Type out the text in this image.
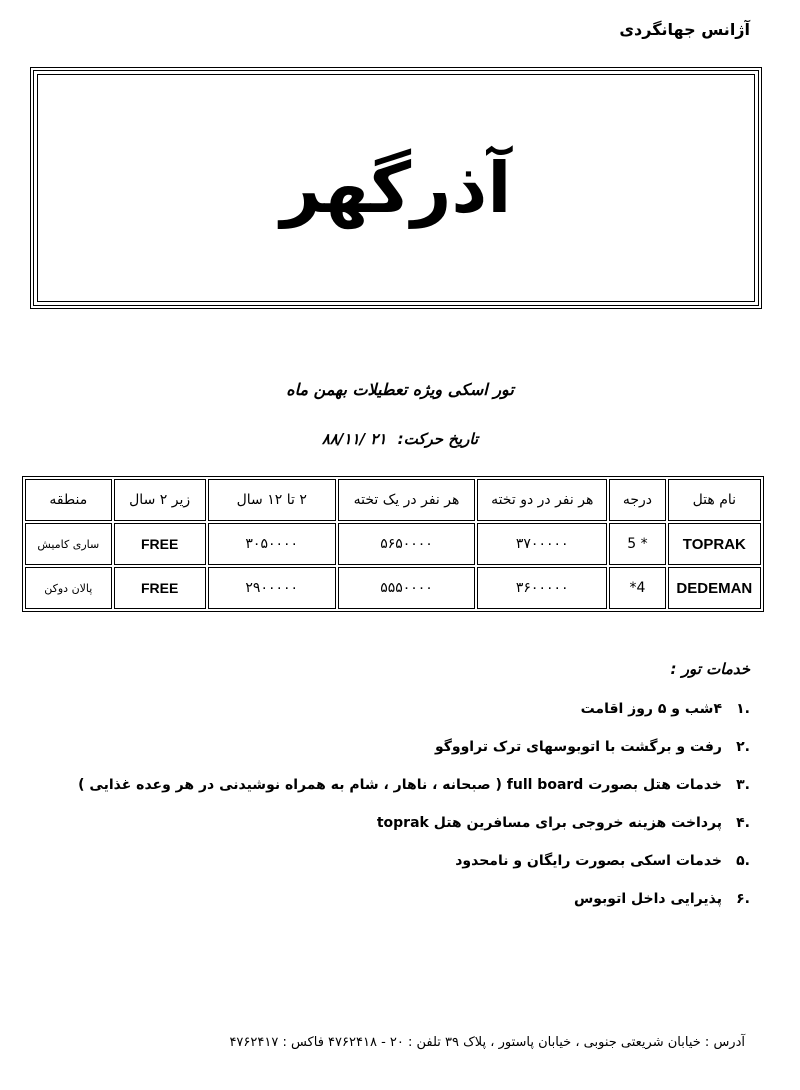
آژانس جهانگردی
آذرگهر
تور اسکی ویژه تعطیلات بهمن ماه
تاریخ حرکت: ۸۸/۱۱/ ۲۱
نام هتل	درجه	هر نفر در دو تخته	هر نفر در یک تخته	۲ تا ۱۲ سال	زیر ۲ سال	منطقه
TOPRAK	* 5	۳۷۰۰۰۰۰	۵۶۵۰۰۰۰	۳۰۵۰۰۰۰	FREE	ساری کامیش
DEDEMAN	4*	۳۶۰۰۰۰۰	۵۵۵۰۰۰۰	۲۹۰۰۰۰۰	FREE	پالان دوکن
خدمات تور :
.۱
۴شب و ۵ روز اقامت
.۲
رفت و برگشت با اتوبوسهای ترک تراووگو
.۳
خدمات هتل بصورت full board ( صبحانه ، ناهار ، شام به همراه نوشیدنی در هر وعده غذایی )
.۴
پرداخت هزینه خروجی برای مسافرین هتل toprak
.۵
خدمات اسکی بصورت رایگان و نامحدود
.۶
پذیرایی داخل اتوبوس
آدرس : خیابان شریعتی جنوبی ، خیابان پاستور ، پلاک ۳۹ تلفن : ۲۰ - ۴۷۶۲۴۱۸ فاکس : ۴۷۶۲۴۱۷
